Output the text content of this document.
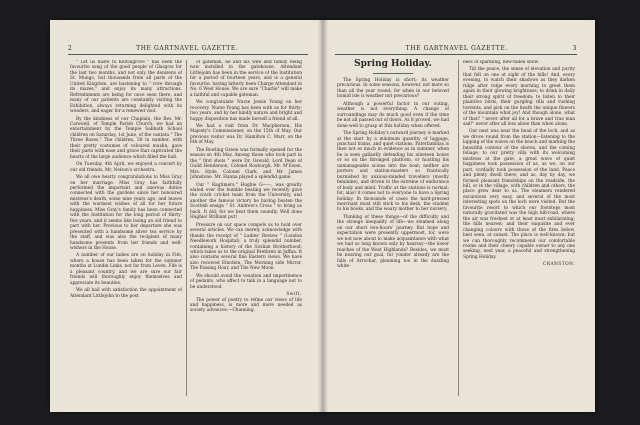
2	THE GARTNAVEL GAZETTE.

" Let us haste to Kelvingrove " has been the favourite song of the good people of Glasgow for the last two months, and not only the denizens of St. Mungo, but thousands from all parts of the United Kingdom, are hastening to " rove through its mazes," and enjoy its many attractions. Refreshments are being for once seen there, and many of our patients are constantly visiting the Exhibition, always returning delighted with its wonders, and eager for a renewed visit.

By the kindness of our Chaplain, the Rev. Mr. Carswell, of Temple Parish Church, we had an entertainment by the Temple Sabbath School children on Saturday, 1st June, of the cantata " The Three Roses." The children, 50 in number, with their pretty costumes of coloured muslin, gave their parts with ease and grace that captivated the hearts of the large audience which filled the hall.

On Tuesday, 4th April, we enjoyed a concert by our old friends, Mr. Nelson's orchestra.

We all owe hearty congratulations to Miss Gray on her marriage. Miss Gray has faithfully performed the important and onerous duties connected with the gardens since her honoured mistress's death, some nine years ago, and leaves with the warmest wishes of all for her future happiness. Miss Gray's family has been connected with the Institution for the long period of thirty-five years, and it seems like losing an old friend to part with her. Previous to her departure she was presented with a handsome silver tea service by the staff, and was also the recipient of many handsome presents from her friends and well-wishers in the House.

A number of our ladies are on holiday in Fife, where a house has been taken for the summer months at Lundin Links, not far from Leven. Fife is a pleasant country, and we are sure our fair friends will thoroughly enjoy themselves and appreciate its beauties.

We all hail with satisfaction the appointment of Attendant Littlejohn to the post

of gateman, he and his wife and family being now installed in the gatehouse. Attendant Littlejohn has been in the service of the Institution for a period of fourteen years, and is a general favourite, having latterly been Charge Attendant in No. 6 West House. We are sure "Charlie" will make a faithful and capable gateman.

We congratulate Nurse Jessie Young on her recovery. Nurse Young has been with us for thirty-two years, and by her kindly nature and bright and happy disposition has made herself a friend of all.

We had a visit from Dr. Macpherson, His Majesty's Commissioner, on the 15th of May. Our previous visitor was Dr. Hamilton C. Marr, on the 6th of May.

The Bowling Green was formally opened for the season on 4th May. Among those who took part in the " first shots " were Dr. Oswald, Lord Dean of Guild Henderson, Colonel Roxburgh, Mr. M'Ewan, Mrs. Hyde, Colonel Clark, and Mr. James Johnstone. Mr. Hanna played a splendid game.

Our " Ragtimers," Hughie G——, was greatly elated over the humble beating we recently gave the crack cricket team from the University, and another the famous victory he having beaten the Scottish ensign " St. Andrew's Cross " to bring us back. It did; for we beat them soundly. Well done Hughie! Brilliant put!

Pressure on our space compels us to hold over several articles. We can merely acknowledge with thanks the receipt of " Ladies' Review " (London Needlework Hospital), a truly splendid number, containing a history of the Sicilian Brotherhood, which takes us to the original Brethren in Jaffna. It also contains several fine Eastern views. We have also received Emotion, The Morning side Mirror, The Passing Hour, and The New Moon.

We should avoid the vexation and impertinence of pedants, who affect to talk in a language not to be understood.

Swift.

The power of poetry to refine our views of life and happiness, is more and more needed as society advances.—Channing.

THE GARTNAVEL GAZETTE.	3
Spring Holiday.

The Spring Holiday is short; its weather precarious. In some seasons, however, not more so than all the year round; for when in our beloved humid isle is weather not precarious?

Although a powerful factor in our outing, weather is not everything. A change of surroundings may do much good even if the time be not all passed out of doors. As it proved, we had done well to grasp at this holiday when offered.

The Spring Holiday's outward journey is marked at the start by a minimum quantity of luggage, punctual trains, and quiet stations. Paterfamilias is then not so much in evidence as in summer, when he is seen gallantly defending his nineteen boxes or so on the thronged platform, or hustling his unmanageable scions into the boat; neither are porters and station-masters so frantically burnished by anxious-minded travellers (mostly feminine), and driven to the extreme of endurance of body and mind. Traffic at the stations is normal; for, alas! it comes not to everyone to have a Spring holiday. In thousands of cases the hard-pressed merchant must still stick to his desk, the student to his books, and the weary mother to her nursery.

Thinking of these things—of the difficulty and the strange inequality of life—we steamed along on our short two-hours' journey. But hope and expectation were presently uppermost, for, were we not now about to make acquaintance with what we had so long known only by hearsay—the lower reaches of the West Highlands? Besides, we must be nearing our goal, for yonder already are the falls of Arrochar, gleaming too in the dazzling white-

ness of sparkling, new-fallen snow.

Till the peace, the sense of elevation and purity that fell on one at sight of the hills! And, every evening, to watch their shadows as they darken ridge after ridge every morning to greet them again in their glowing brightness; to drink in daily their strong spirit of freedom; to listen to their plaintive birds, their gurgling rills and rushing torrents, and pick on the heath the unique flowers of the mountain what joy! And though alone, what of that? " never after all for a brave and true man sad!" never after all less alone than when alone.

Our next was near the head of the loch, and as we drove round from the station—listening to the lapping of the waves on the beach and marking the beautiful contour of the shores, and the coming foliage, to our pretty villa with its welcoming mistress at the gate, a great wave of quiet happiness took possession of us, as we, on our part, cordially took possession of the land. Peace and plenty dwell there; and as, day by day, we formed pleasant friendships on the roadside, the hill, or in the village, with children and others, the place grew dear to us. The steamers rendered excursions very easy, and several of the most interesting spots on the loch were visited. But the favourite resort to which our footsteps most naturally gravitated was the high hill-road, where the air was freshest or at least most exhilarating; the hills nearest; and their exquisite and ever changing colours with those of the fires below, best seen, at sunset. The place is well-known; but we can thoroughly recommend our comfortable rooms and their cheery capable owner to any one seeking, next year, a peaceful and strengthening Spring Holiday.

CRANSTON.
